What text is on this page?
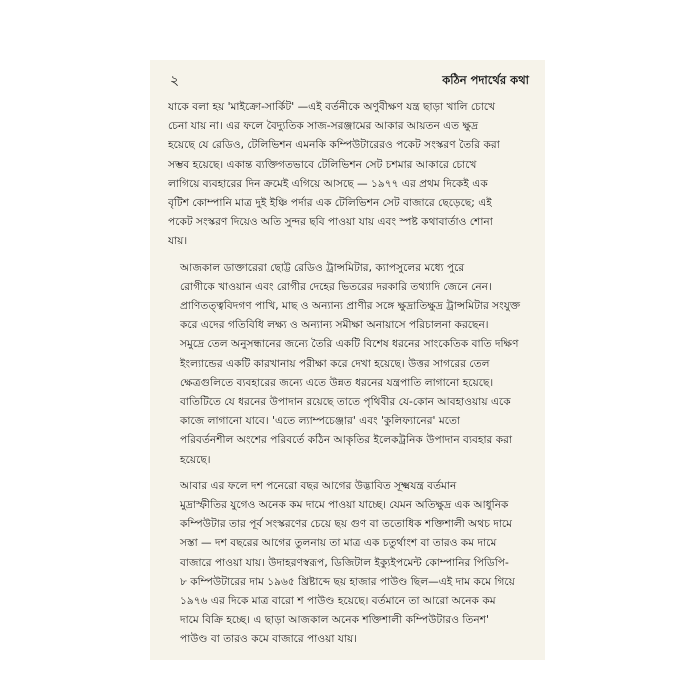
২	কঠিন পদার্থের কথা

যাকে বলা হয় 'মাইক্রো-সার্কিট' —এই বর্তনীকে অণুবীক্ষণ যন্ত্র ছাড়া খালি চোখে
চেনা যায় না। এর ফলে বৈদ্যুতিক সাজ-সরঞ্জামের আকার আয়তন এত ক্ষুদ্র
হয়েছে যে রেডিও, টেলিভিশন এমনকি কম্পিউটারেরও পকেট সংস্করণ তৈরি করা
সম্ভব হয়েছে। একান্ত ব্যক্তিগতভাবে টেলিভিশন সেট চশমার আকারে চোখে
লাগিয়ে ব্যবহারের দিন ক্রমেই এগিয়ে আসছে — ১৯৭৭ এর প্রথম দিকেই এক
বৃটিশ কোম্পানি মাত্র দুই ইঞ্চি পর্দার এক টেলিভিশন সেট বাজারে ছেড়েছে; এই
পকেট সংস্করণ দিয়েও অতি সুন্দর ছবি পাওয়া যায় এবং স্পষ্ট কথাবার্তাও শোনা
যায়।

আজকাল ডাক্তারেরা ছোট্ট রেডিও ট্রান্সমিটার, ক্যাপসুলের মধ্যে পুরে
রোগীকে খাওয়ান এবং রোগীর দেহের ভিতরের দরকারি তথ্যাদি জেনে নেন।
প্রাণিতত্ত্ববিদগণ পাখি, মাছ ও অন্যান্য প্রাণীর সঙ্গে ক্ষুদ্রাতিক্ষুদ্র ট্রান্সমিটার সংযুক্ত
করে এদের গতিবিধি লক্ষ্য ও অন্যান্য সমীক্ষা অনায়াসে পরিচালনা করছেন।
সমুদ্রে তেল অনুসন্ধানের জন্যে তৈরি একটি বিশেষ ধরনের সাংকেতিক বাতি দক্ষিণ
ইংল্যান্ডের একটি কারখানায় পরীক্ষা করে দেখা হয়েছে। উত্তর সাগরের তেল
ক্ষেত্রগুলিতে ব্যবহারের জন্যে এতে উন্নত ধরনের যন্ত্রপাতি লাগানো হয়েছে।
বাতিটিতে যে ধরনের উপাদান রয়েছে তাতে পৃথিবীর যে-কোন আবহাওয়ায় একে
কাজে লাগানো যাবে। 'এতে ল্যাম্পচেঞ্জার' এবং 'কুলিফ্যানের' মতো
পরিবর্তনশীল অংশের পরিবর্তে কঠিন আকৃতির ইলেকট্রনিক উপাদান ব্যবহার করা
হয়েছে।

আবার এর ফলে দশ পনেরো বছর আগের উদ্ভাবিত সূক্ষ্মযন্ত্র বর্তমান
মুদ্রাস্ফীতির যুগেও অনেক কম দামে পাওয়া যাচ্ছে। যেমন অতিক্ষুদ্র এক আধুনিক
কম্পিউটার তার পূর্ব সংস্করণের চেয়ে ছয় গুণ বা ততোধিক শক্তিশালী অথচ দামে
সস্তা — দশ বছরের আগের তুলনায় তা মাত্র এক চতুর্থাংশ বা তারও কম দামে
বাজারে পাওয়া যায়। উদাহরণস্বরূপ, ডিজিটাল ইক্যুইপমেন্ট কোম্পানির পিডিপি-
৮ কম্পিউটারের দাম ১৯৬৫ খ্রিষ্টাব্দে ছয় হাজার পাউণ্ড ছিল—এই দাম কমে গিয়ে
১৯৭৬ এর দিকে মাত্র বারো শ পাউণ্ড হয়েছে। বর্তমানে তা আরো অনেক কম
দামে বিক্রি হচ্ছে। এ ছাড়া আজকাল অনেক শক্তিশালী কম্পিউটারও তিনশ'
পাউণ্ড বা তারও কমে বাজারে পাওয়া যায়।
